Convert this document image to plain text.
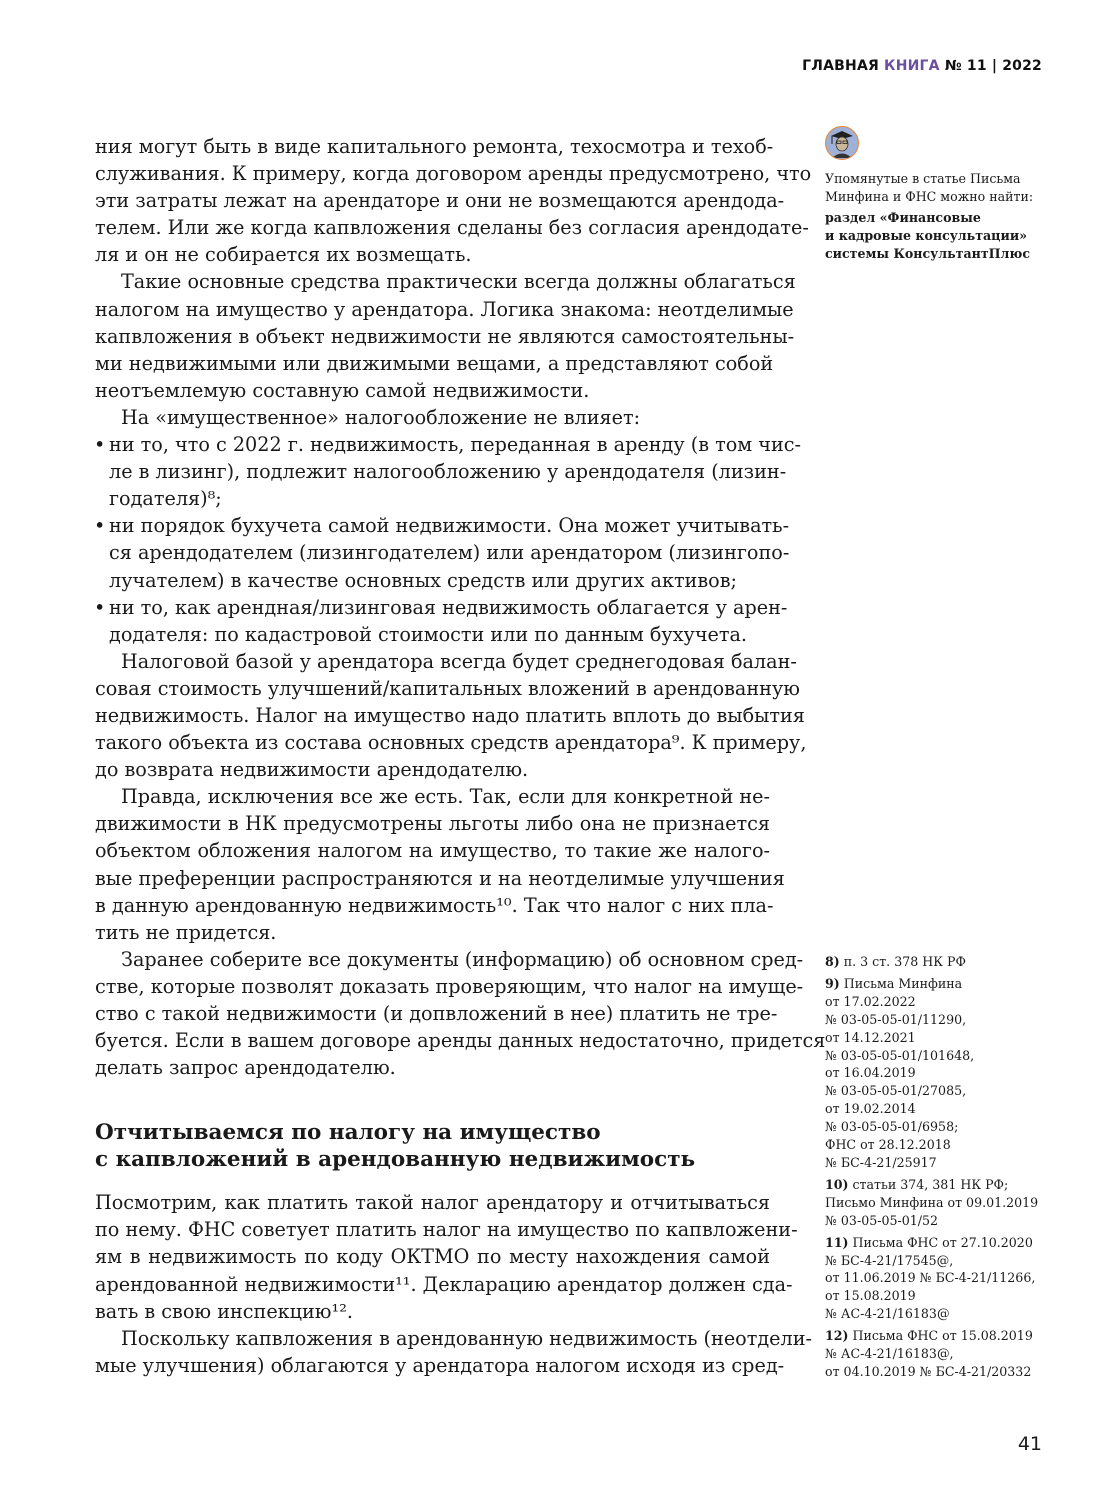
ГЛАВНАЯ КНИГА № 11 | 2022
Упомянутые в статье Письма
Минфина и ФНС можно найти:
раздел «Финансовые
и кадровые консультации»
системы КонсультантПлюс
ния могут быть в виде капитального ремонта, техосмотра и техоб-
служивания. К примеру, когда договором аренды предусмотрено, что
эти затраты лежат на арендаторе и они не возмещаются арендода-
телем. Или же когда капвложения сделаны без согласия арендодате-
ля и он не собирается их возмещать.
Такие основные средства практически всегда должны облагаться
налогом на имущество у арендатора. Логика знакома: неотделимые
капвложения в объект недвижимости не являются самостоятельны-
ми недвижимыми или движимыми вещами, а представляют собой
неотъемлемую составную самой недвижимости.
На «имущественное» налогообложение не влияет:
• ни то, что с 2022 г. недвижимость, переданная в аренду (в том чис-
ле в лизинг), подлежит налогообложению у арендодателя (лизин-
годателя)⁸;
• ни порядок бухучета самой недвижимости. Она может учитывать-
ся арендодателем (лизингодателем) или арендатором (лизингопо-
лучателем) в качестве основных средств или других активов;
• ни то, как арендная/лизинговая недвижимость облагается у арен-
додателя: по кадастровой стоимости или по данным бухучета.
Налоговой базой у арендатора всегда будет среднегодовая балан-
совая стоимость улучшений/капитальных вложений в арендованную
недвижимость. Налог на имущество надо платить вплоть до выбытия
такого объекта из состава основных средств арендатора⁹. К примеру,
до возврата недвижимости арендодателю.
Правда, исключения все же есть. Так, если для конкретной не-
движимости в НК предусмотрены льготы либо она не признается
объектом обложения налогом на имущество, то такие же налого-
вые преференции распространяются и на неотделимые улучшения
в данную арендованную недвижимость¹⁰. Так что налог с них пла-
тить не придется.
Заранее соберите все документы (информацию) об основном сред-
стве, которые позволят доказать проверяющим, что налог на имуще-
ство с такой недвижимости (и допвложений в нее) платить не тре-
буется. Если в вашем договоре аренды данных недостаточно, придется
делать запрос арендодателю.
Отчитываемся по налогу на имущество
с капвложений в арендованную недвижимость
Посмотрим, как платить такой налог арендатору и отчитываться
по нему. ФНС советует платить налог на имущество по капвложени-
ям в недвижимость по коду ОКТМО по месту нахождения самой
арендованной недвижимости¹¹. Декларацию арендатор должен сда-
вать в свою инспекцию¹².
Поскольку капвложения в арендованную недвижимость (неотдели-
мые улучшения) облагаются у арендатора налогом исходя из сред-
8) п. 3 ст. 378 НК РФ
9) Письма Минфина
от 17.02.2022
№ 03-05-05-01/11290,
от 14.12.2021
№ 03-05-05-01/101648,
от 16.04.2019
№ 03-05-05-01/27085,
от 19.02.2014
№ 03-05-05-01/6958;
ФНС от 28.12.2018
№ БС-4-21/25917
10) статьи 374, 381 НК РФ;
Письмо Минфина от 09.01.2019
№ 03-05-05-01/52
11) Письма ФНС от 27.10.2020
№ БС-4-21/17545@,
от 11.06.2019 № БС-4-21/11266,
от 15.08.2019
№ АС-4-21/16183@
12) Письма ФНС от 15.08.2019
№ АС-4-21/16183@,
от 04.10.2019 № БС-4-21/20332
41
